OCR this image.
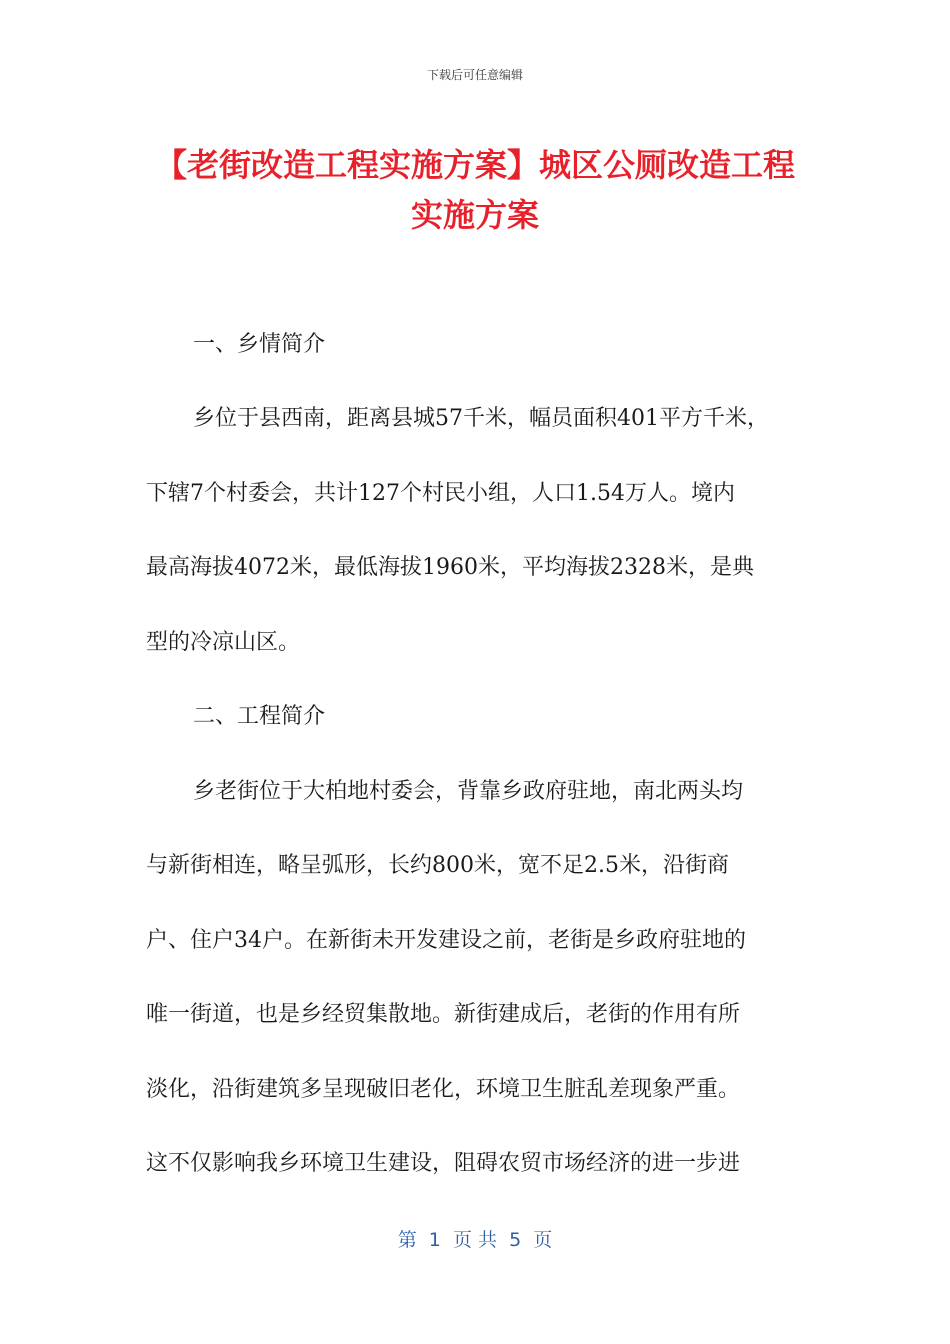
下载后可任意编辑
【老街改造工程实施方案】城区公厕改造工程实施方案
一、乡情简介
乡位于县西南，距离县城57千米，幅员面积401平方千米，
下辖7个村委会，共计127个村民小组，人口1.54万人。境内
最高海拔4072米，最低海拔1960米，平均海拔2328米，是典
型的冷凉山区。
二、工程简介
乡老街位于大柏地村委会，背靠乡政府驻地，南北两头均
与新街相连，略呈弧形，长约800米，宽不足2.5米，沿街商
户、住户34户。在新街未开发建设之前，老街是乡政府驻地的
唯一街道，也是乡经贸集散地。新街建成后，老街的作用有所
淡化，沿街建筑多呈现破旧老化，环境卫生脏乱差现象严重。
这不仅影响我乡环境卫生建设，阻碍农贸市场经济的进一步进
第  1  页 共  5  页
